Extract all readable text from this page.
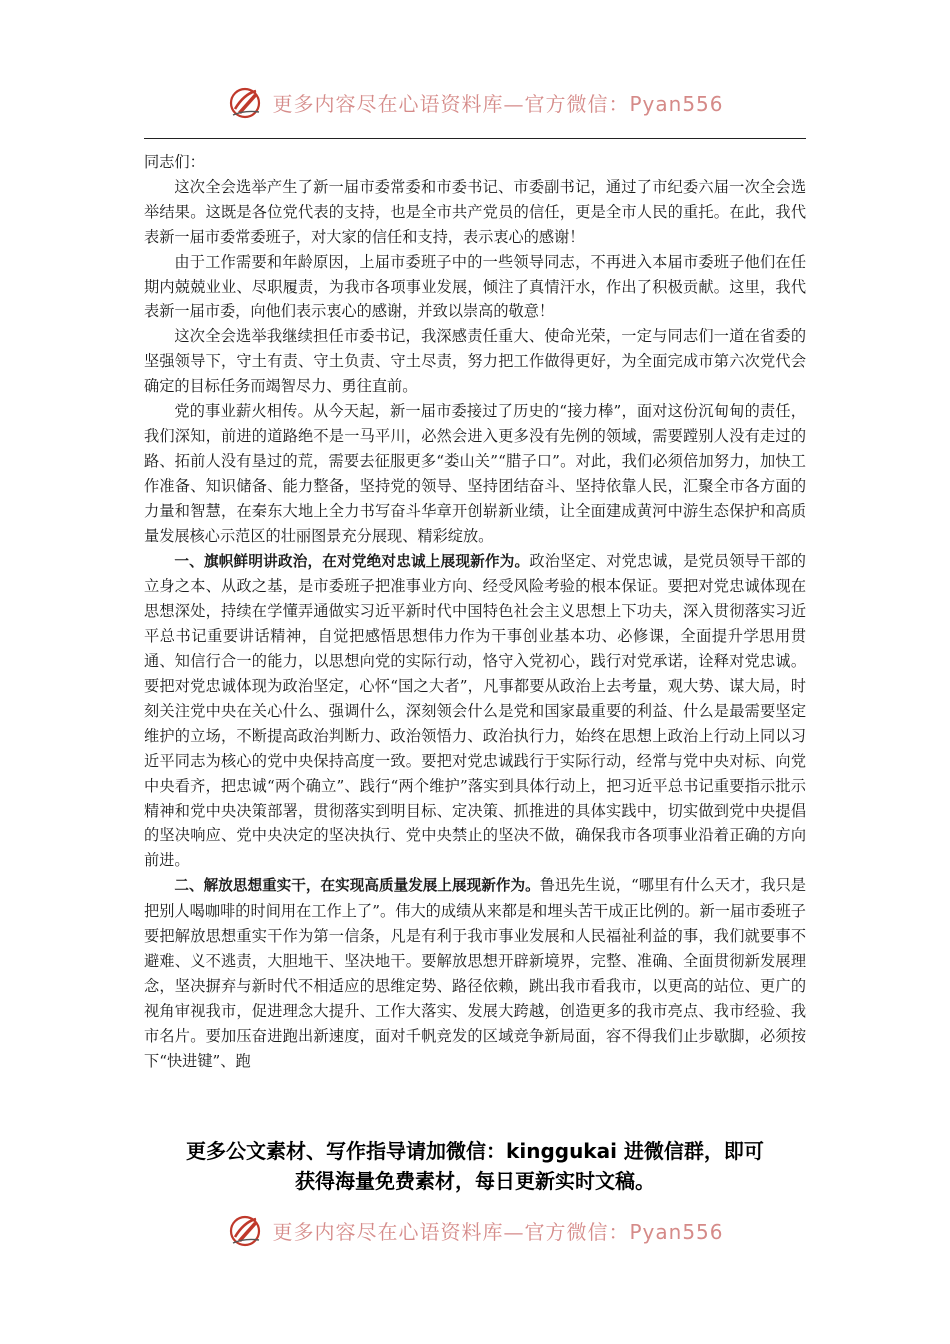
更多内容尽在心语资料库—官方微信：Pyan556

同志们：

这次全会选举产生了新一届市委常委和市委书记、市委副书记，通过了市纪委六届一次全会选举结果。这既是各位党代表的支持，也是全市共产党员的信任，更是全市人民的重托。在此，我代表新一届市委常委班子，对大家的信任和支持，表示衷心的感谢！

由于工作需要和年龄原因，上届市委班子中的一些领导同志，不再进入本届市委班子他们在任期内兢兢业业、尽职履责，为我市各项事业发展，倾注了真情汗水，作出了积极贡献。这里，我代表新一届市委，向他们表示衷心的感谢，并致以崇高的敬意！

这次全会选举我继续担任市委书记，我深感责任重大、使命光荣，一定与同志们一道在省委的坚强领导下，守土有责、守土负责、守土尽责，努力把工作做得更好，为全面完成市第六次党代会确定的目标任务而竭智尽力、勇往直前。

党的事业薪火相传。从今天起，新一届市委接过了历史的“接力棒”，面对这份沉甸甸的责任，我们深知，前进的道路绝不是一马平川，必然会进入更多没有先例的领域，需要蹚别人没有走过的路、拓前人没有垦过的荒，需要去征服更多“娄山关”“腊子口”。对此，我们必须倍加努力，加快工作准备、知识储备、能力整备，坚持党的领导、坚持团结奋斗、坚持依靠人民，汇聚全市各方面的力量和智慧，在秦东大地上全力书写奋斗华章开创崭新业绩，让全面建成黄河中游生态保护和高质量发展核心示范区的壮丽图景充分展现、精彩绽放。

一、旗帜鲜明讲政治，在对党绝对忠诚上展现新作为。政治坚定、对党忠诚，是党员领导干部的立身之本、从政之基，是市委班子把准事业方向、经受风险考验的根本保证。要把对党忠诚体现在思想深处，持续在学懂弄通做实习近平新时代中国特色社会主义思想上下功夫，深入贯彻落实习近平总书记重要讲话精神，自觉把感悟思想伟力作为干事创业基本功、必修课，全面提升学思用贯通、知信行合一的能力，以思想向党的实际行动，恪守入党初心，践行对党承诺，诠释对党忠诚。要把对党忠诚体现为政治坚定，心怀“国之大者”，凡事都要从政治上去考量，观大势、谋大局，时刻关注党中央在关心什么、强调什么，深刻领会什么是党和国家最重要的利益、什么是最需要坚定维护的立场，不断提高政治判断力、政治领悟力、政治执行力，始终在思想上政治上行动上同以习近平同志为核心的党中央保持高度一致。要把对党忠诚践行于实际行动，经常与党中央对标、向党中央看齐，把忠诚“两个确立”、践行“两个维护”落实到具体行动上，把习近平总书记重要指示批示精神和党中央决策部署，贯彻落实到明目标、定决策、抓推进的具体实践中，切实做到党中央提倡的坚决响应、党中央决定的坚决执行、党中央禁止的坚决不做，确保我市各项事业沿着正确的方向前进。

二、解放思想重实干，在实现高质量发展上展现新作为。鲁迅先生说，“哪里有什么天才，我只是把别人喝咖啡的时间用在工作上了”。伟大的成绩从来都是和埋头苦干成正比例的。新一届市委班子要把解放思想重实干作为第一信条，凡是有利于我市事业发展和人民福祉利益的事，我们就要事不避难、义不逃责，大胆地干、坚决地干。要解放思想开辟新境界，完整、准确、全面贯彻新发展理念，坚决摒弃与新时代不相适应的思维定势、路径依赖，跳出我市看我市，以更高的站位、更广的视角审视我市，促进理念大提升、工作大落实、发展大跨越，创造更多的我市亮点、我市经验、我市名片。要加压奋进跑出新速度，面对千帆竞发的区域竞争新局面，容不得我们止步歇脚，必须按下“快进键”、跑

更多公文素材、写作指导请加微信：kinggukai 进微信群，即可
获得海量免费素材，每日更新实时文稿。
更多内容尽在心语资料库—官方微信：Pyan556
